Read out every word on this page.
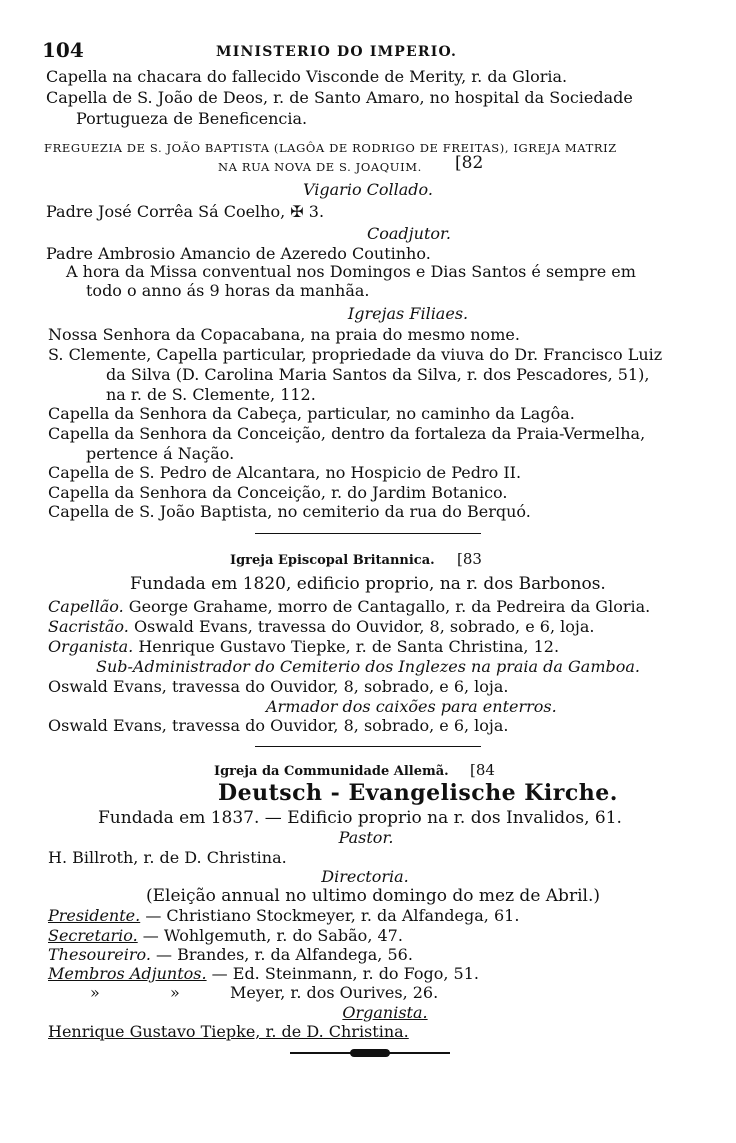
104	MINISTERIO DO IMPERIO.
Capella na chacara do fallecido Visconde de Merity, r. da Gloria.
Capella de S. João de Deos, r. de Santo Amaro, no hospital da Sociedade
Portugueza de Beneficencia.
FREGUEZIA DE S. JOÃO BAPTISTA (LAGÔA DE RODRIGO DE FREITAS), IGREJA MATRIZ
NA RUA NOVA DE S. JOAQUIM. [82
Vigario Collado.
Padre José Corrêa Sá Coelho, ✠ 3.
Coadjutor.
Padre Ambrosio Amancio de Azeredo Coutinho.
A hora da Missa conventual nos Domingos e Dias Santos é sempre em
todo o anno ás 9 horas da manhãa.
Igrejas Filiaes.
Nossa Senhora da Copacabana, na praia do mesmo nome.
S. Clemente, Capella particular, propriedade da viuva do Dr. Francisco Luiz
da Silva (D. Carolina Maria Santos da Silva, r. dos Pescadores, 51),
na r. de S. Clemente, 112.
Capella da Senhora da Cabeça, particular, no caminho da Lagôa.
Capella da Senhora da Conceição, dentro da fortaleza da Praia-Vermelha,
pertence á Nação.
Capella de S. Pedro de Alcantara, no Hospicio de Pedro II.
Capella da Senhora da Conceição, r. do Jardim Botanico.
Capella de S. João Baptista, no cemiterio da rua do Berquó.
Igreja Episcopal Britannica. [83
Fundada em 1820, edificio proprio, na r. dos Barbonos.
Capellão. George Grahame, morro de Cantagallo, r. da Pedreira da Gloria.
Sacristão. Oswald Evans, travessa do Ouvidor, 8, sobrado, e 6, loja.
Organista. Henrique Gustavo Tiepke, r. de Santa Christina, 12.
Sub-Administrador do Cemiterio dos Inglezes na praia da Gamboa.
Oswald Evans, travessa do Ouvidor, 8, sobrado, e 6, loja.
Armador dos caixões para enterros.
Oswald Evans, travessa do Ouvidor, 8, sobrado, e 6, loja.
Igreja da Communidade Allemã. [84
Deutsch - Evangelische Kirche.
Fundada em 1837. — Edificio proprio na r. dos Invalidos, 61.
Pastor.
H. Billroth, r. de D. Christina.
Directoria.
(Eleição annual no ultimo domingo do mez de Abril.)
Presidente. — Christiano Stockmeyer, r. da Alfandega, 61.
Secretario. — Wohlgemuth, r. do Sabão, 47.
Thesoureiro. — Brandes, r. da Alfandega, 56.
Membros Adjuntos. — Ed. Steinmann, r. do Fogo, 51.
»	»	Meyer, r. dos Ourives, 26.
Organista.
Henrique Gustavo Tiepke, r. de D. Christina.
